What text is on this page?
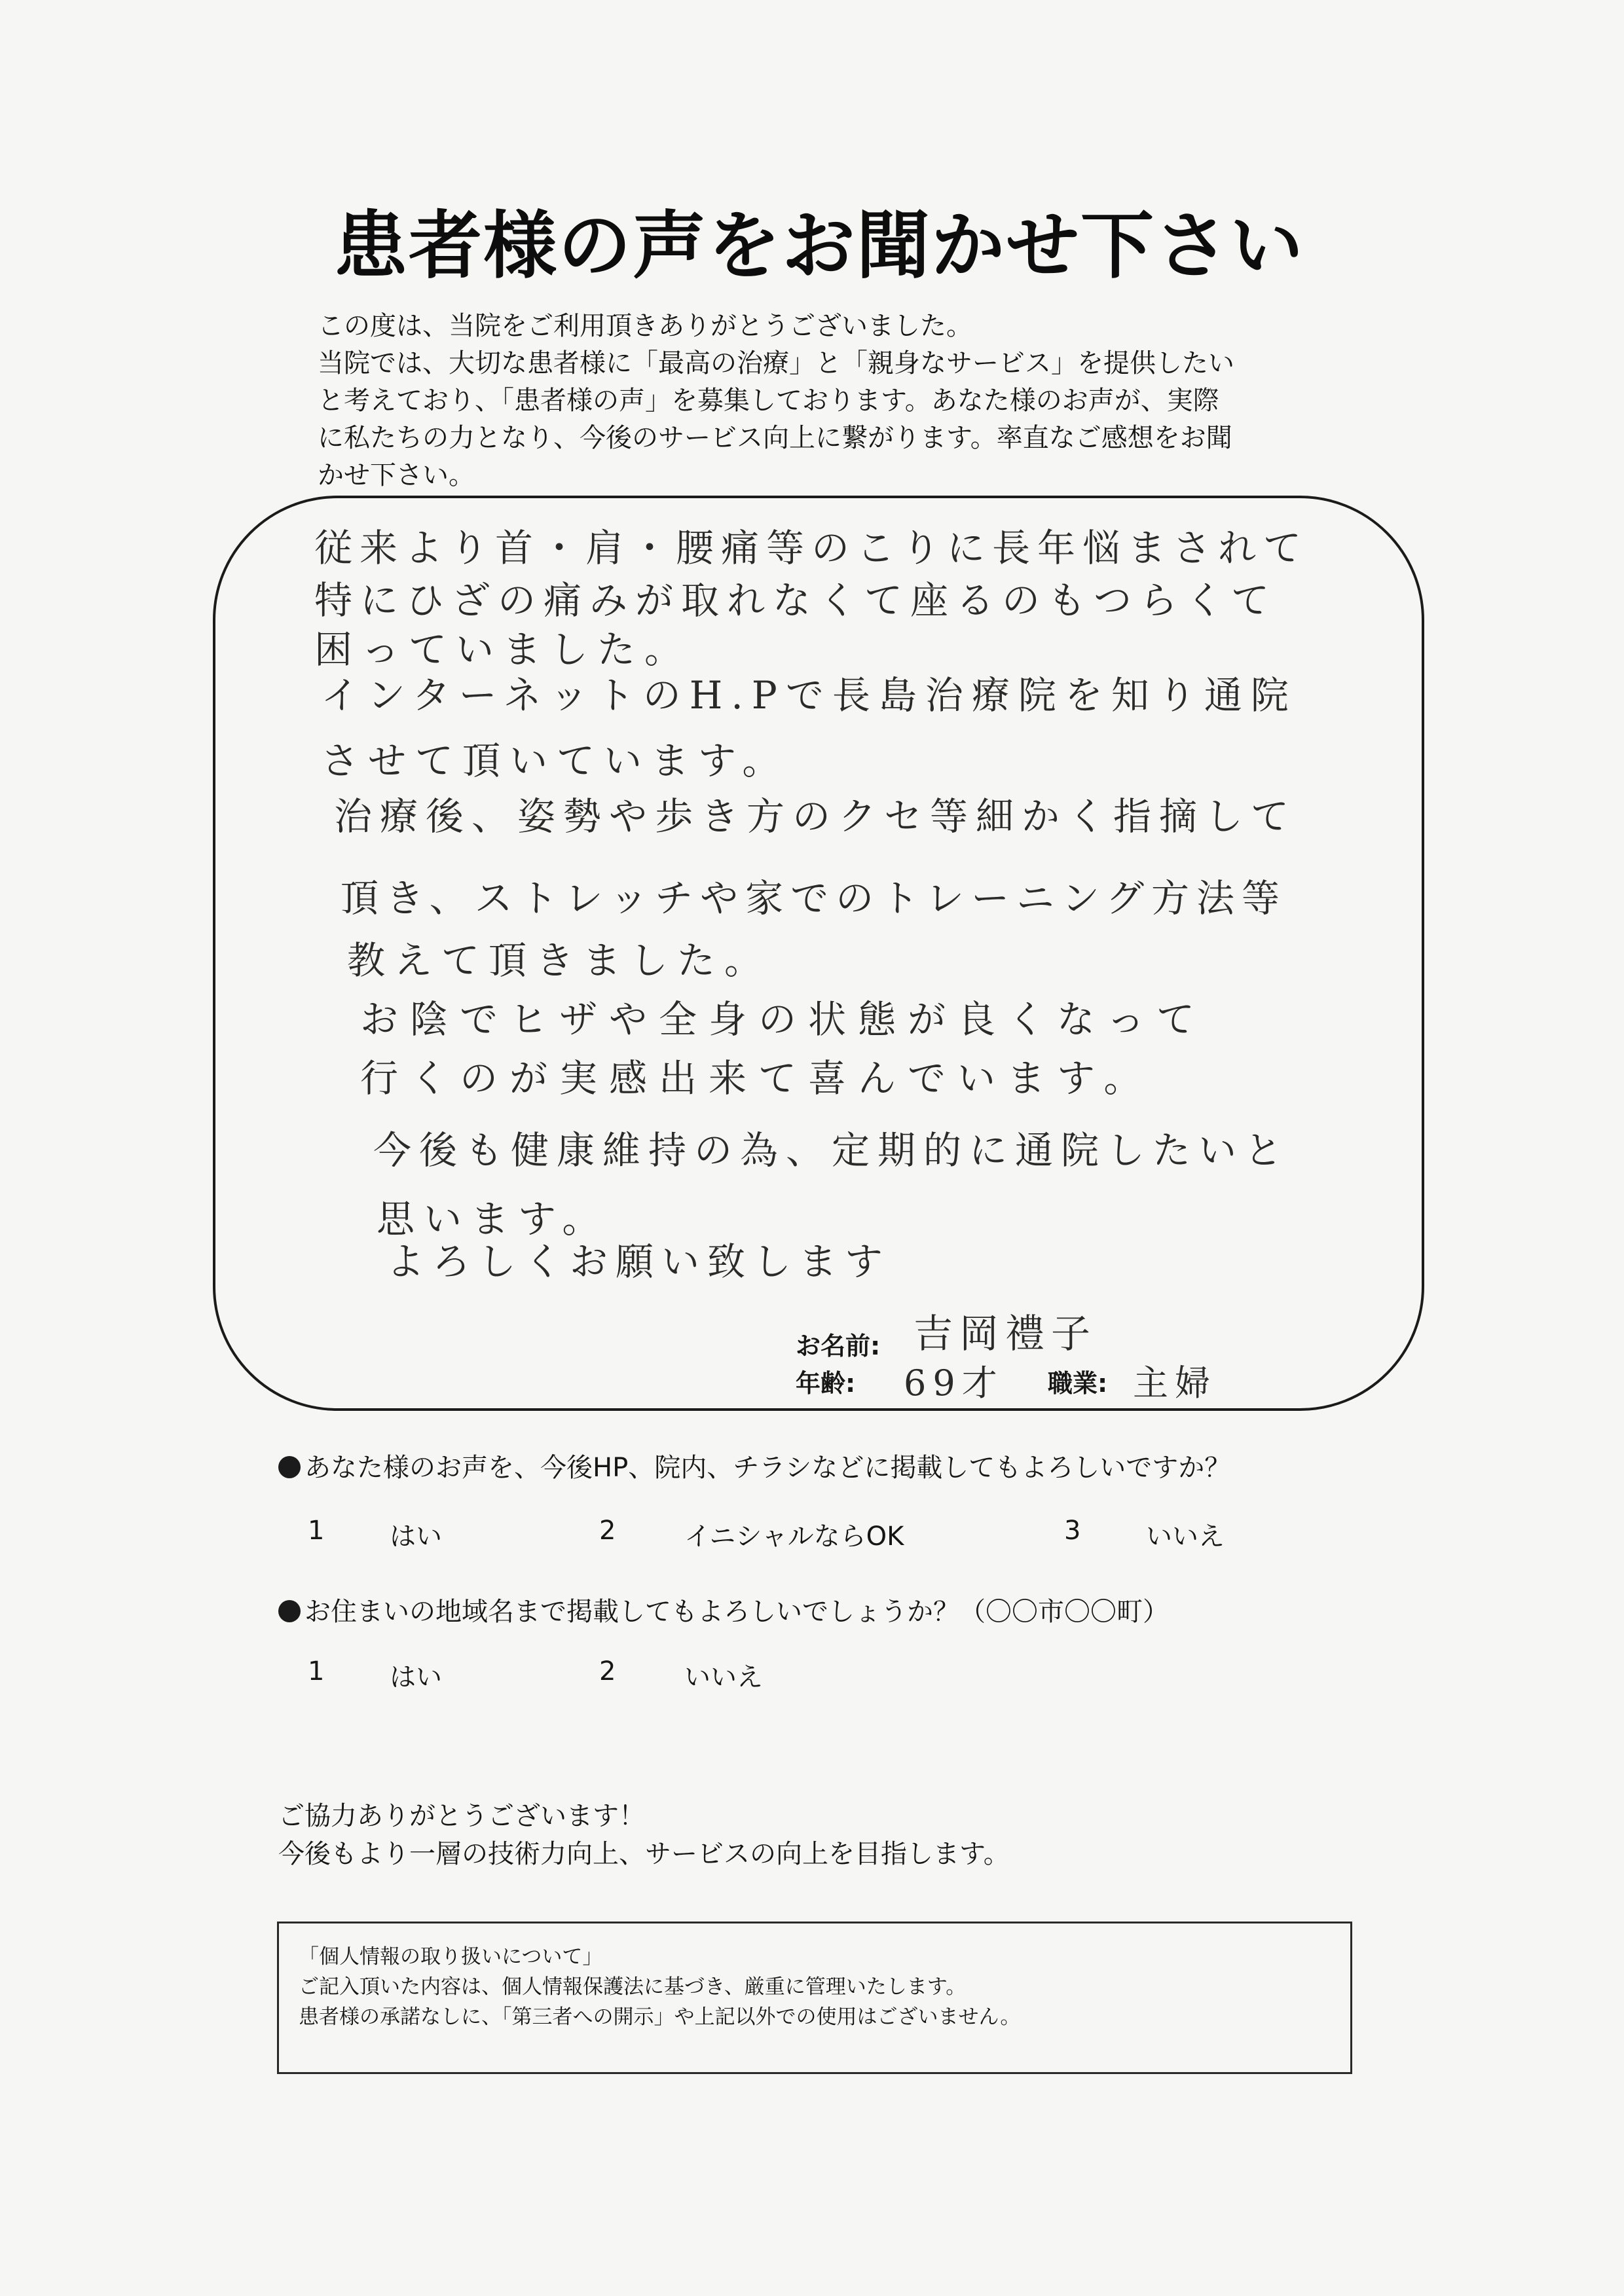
患者様の声をお聞かせ下さい
この度は、当院をご利用頂きありがとうございました。
当院では、大切な患者様に「最高の治療」と「親身なサービス」を提供したい
と考えており、「患者様の声」を募集しております。あなた様のお声が、実際
に私たちの力となり、今後のサービス向上に繋がります。率直なご感想をお聞
かせ下さい。
従来より首・肩・腰痛等のこりに長年悩まされて
特にひざの痛みが取れなくて座るのもつらくて
困っていました。
インターネットのH.Pで長島治療院を知り通院
させて頂いています。
治療後、姿勢や歩き方のクセ等細かく指摘して
頂き、ストレッチや家でのトレーニング方法等
教えて頂きました。
お陰でヒザや全身の状態が良くなって
行くのが実感出来て喜んでいます。
今後も健康維持の為、定期的に通院したいと
思います。
よろしくお願い致します
お名前: 吉岡禮子
年齢: 69才 職業: 主婦
あなた様のお声を、今後HP、院内、チラシなどに掲載してもよろしいですか？
1 はい	2	イニシャルならOK	3 いいえ
お住まいの地域名まで掲載してもよろしいでしょうか？（〇〇市〇〇町）
1 はい	2	いいえ
ご協力ありがとうございます！
今後もより一層の技術力向上、サービスの向上を目指します。
「個人情報の取り扱いについて」
ご記入頂いた内容は、個人情報保護法に基づき、厳重に管理いたします。
患者様の承諾なしに、「第三者への開示」や上記以外での使用はございません。
